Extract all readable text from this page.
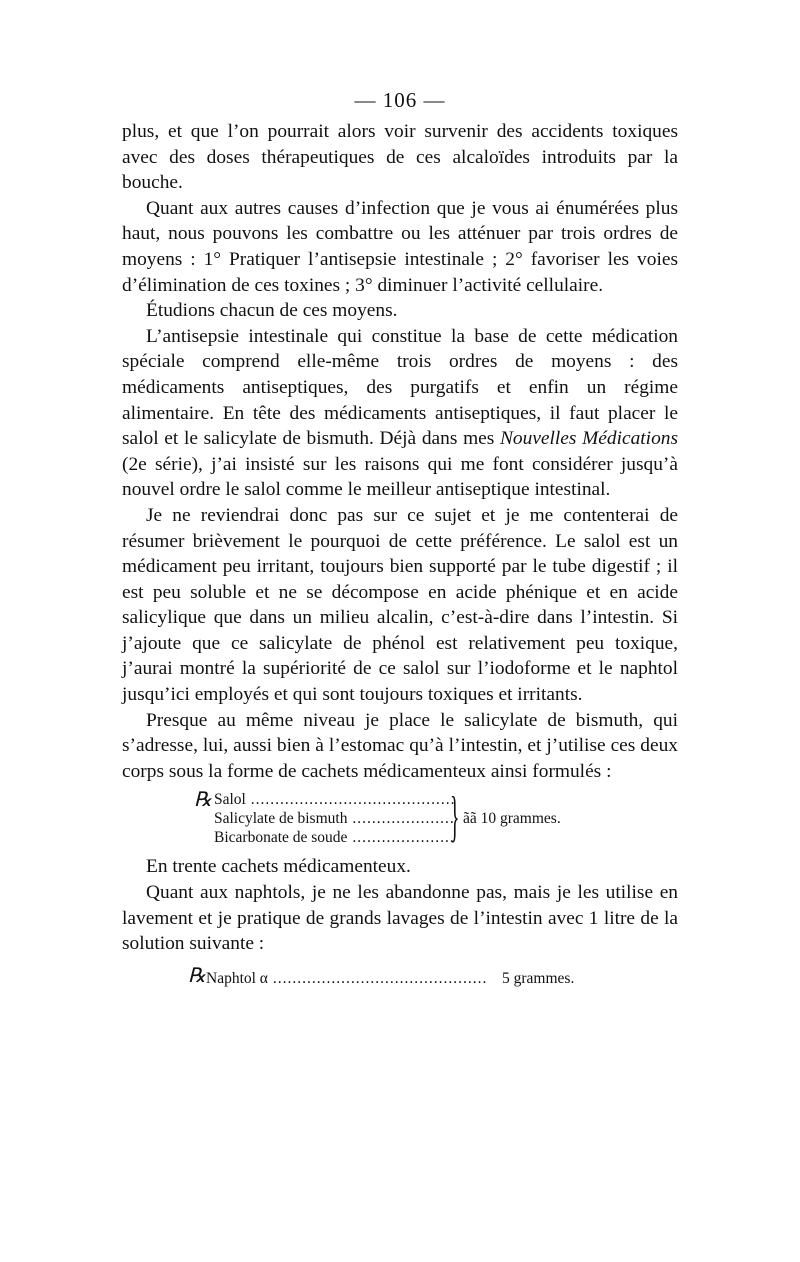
— 106 —

plus, et que l’on pourrait alors voir survenir des accidents toxiques avec des doses thérapeutiques de ces alcaloïdes introduits par la bouche.

Quant aux autres causes d’infection que je vous ai énumérées plus haut, nous pouvons les combattre ou les atténuer par trois ordres de moyens : 1° Pratiquer l’antisepsie intestinale ; 2° favoriser les voies d’élimination de ces toxines ; 3° diminuer l’activité cellulaire.

Étudions chacun de ces moyens.

L’antisepsie intestinale qui constitue la base de cette médication spéciale comprend elle-même trois ordres de moyens : des médicaments antiseptiques, des purgatifs et enfin un régime alimentaire. En tête des médicaments antiseptiques, il faut placer le salol et le salicylate de bismuth. Déjà dans mes Nouvelles Médications (2e série), j’ai insisté sur les raisons qui me font considérer jusqu’à nouvel ordre le salol comme le meilleur antiseptique intestinal.

Je ne reviendrai donc pas sur ce sujet et je me contenterai de résumer brièvement le pourquoi de cette préférence. Le salol est un médicament peu irritant, toujours bien supporté par le tube digestif ; il est peu soluble et ne se décompose en acide phénique et en acide salicylique que dans un milieu alcalin, c’est-à-dire dans l’intestin. Si j’ajoute que ce salicylate de phénol est relativement peu toxique, j’aurai montré la supériorité de ce salol sur l’iodoforme et le naphtol jusqu’ici employés et qui sont toujours toxiques et irritants.

Presque au même niveau je place le salicylate de bismuth, qui s’adresse, lui, aussi bien à l’estomac qu’à l’intestin, et j’utilise ces deux corps sous la forme de cachets médicamenteux ainsi formulés :

℞ Salol .....
Salicylate de bismuth .....
Bicarbonate de soude .....	} ãã 10 grammes.

En trente cachets médicamenteux.

Quant aux naphtols, je ne les abandonne pas, mais je les utilise en lavement et je pratique de grands lavages de l’intestin avec 1 litre de la solution suivante :

℞ Naphtol α .....	5 grammes.
